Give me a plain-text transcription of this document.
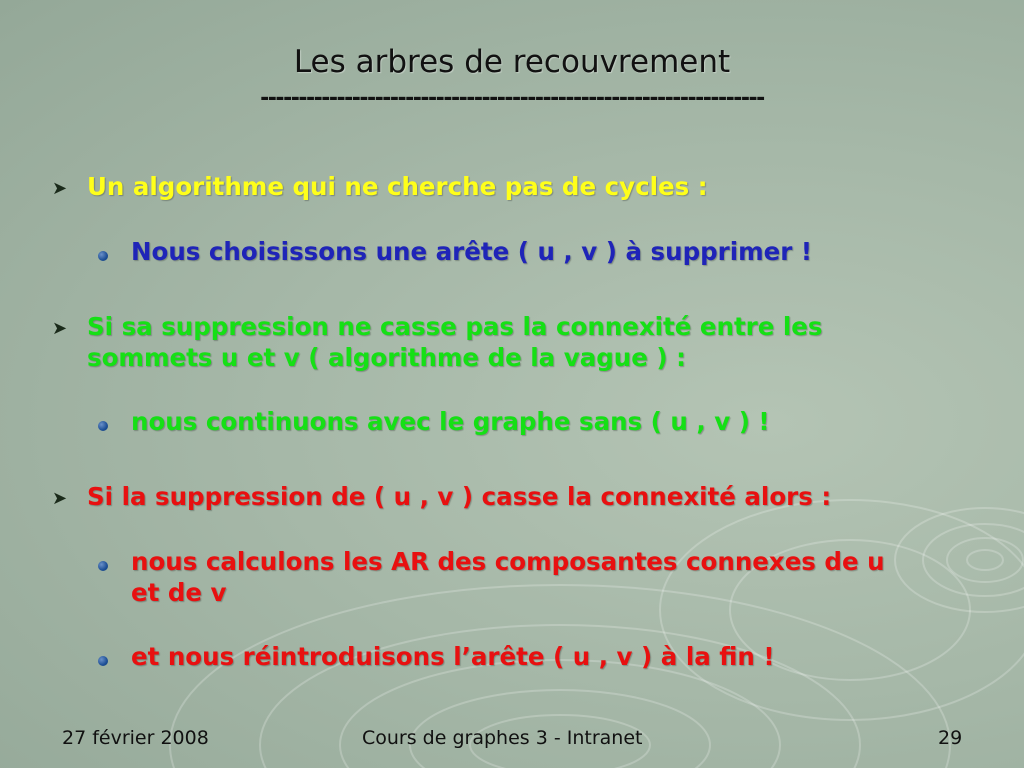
Les arbres de recouvrement
------------------------------------------------------------------
➤ Un algorithme qui ne cherche pas de cycles :
Nous choisissons une arête ( u , v ) à supprimer !
➤ Si sa suppression ne casse pas la connexité entre les
sommets u et v ( algorithme de la vague ) :
nous continuons avec le graphe sans ( u , v ) !
➤ Si la suppression de ( u , v ) casse la connexité alors :
nous calculons les AR des composantes connexes de u
et de v
et nous réintroduisons l’arête ( u , v ) à la fin !
27 février 2008	Cours de graphes 3 - Intranet	29
